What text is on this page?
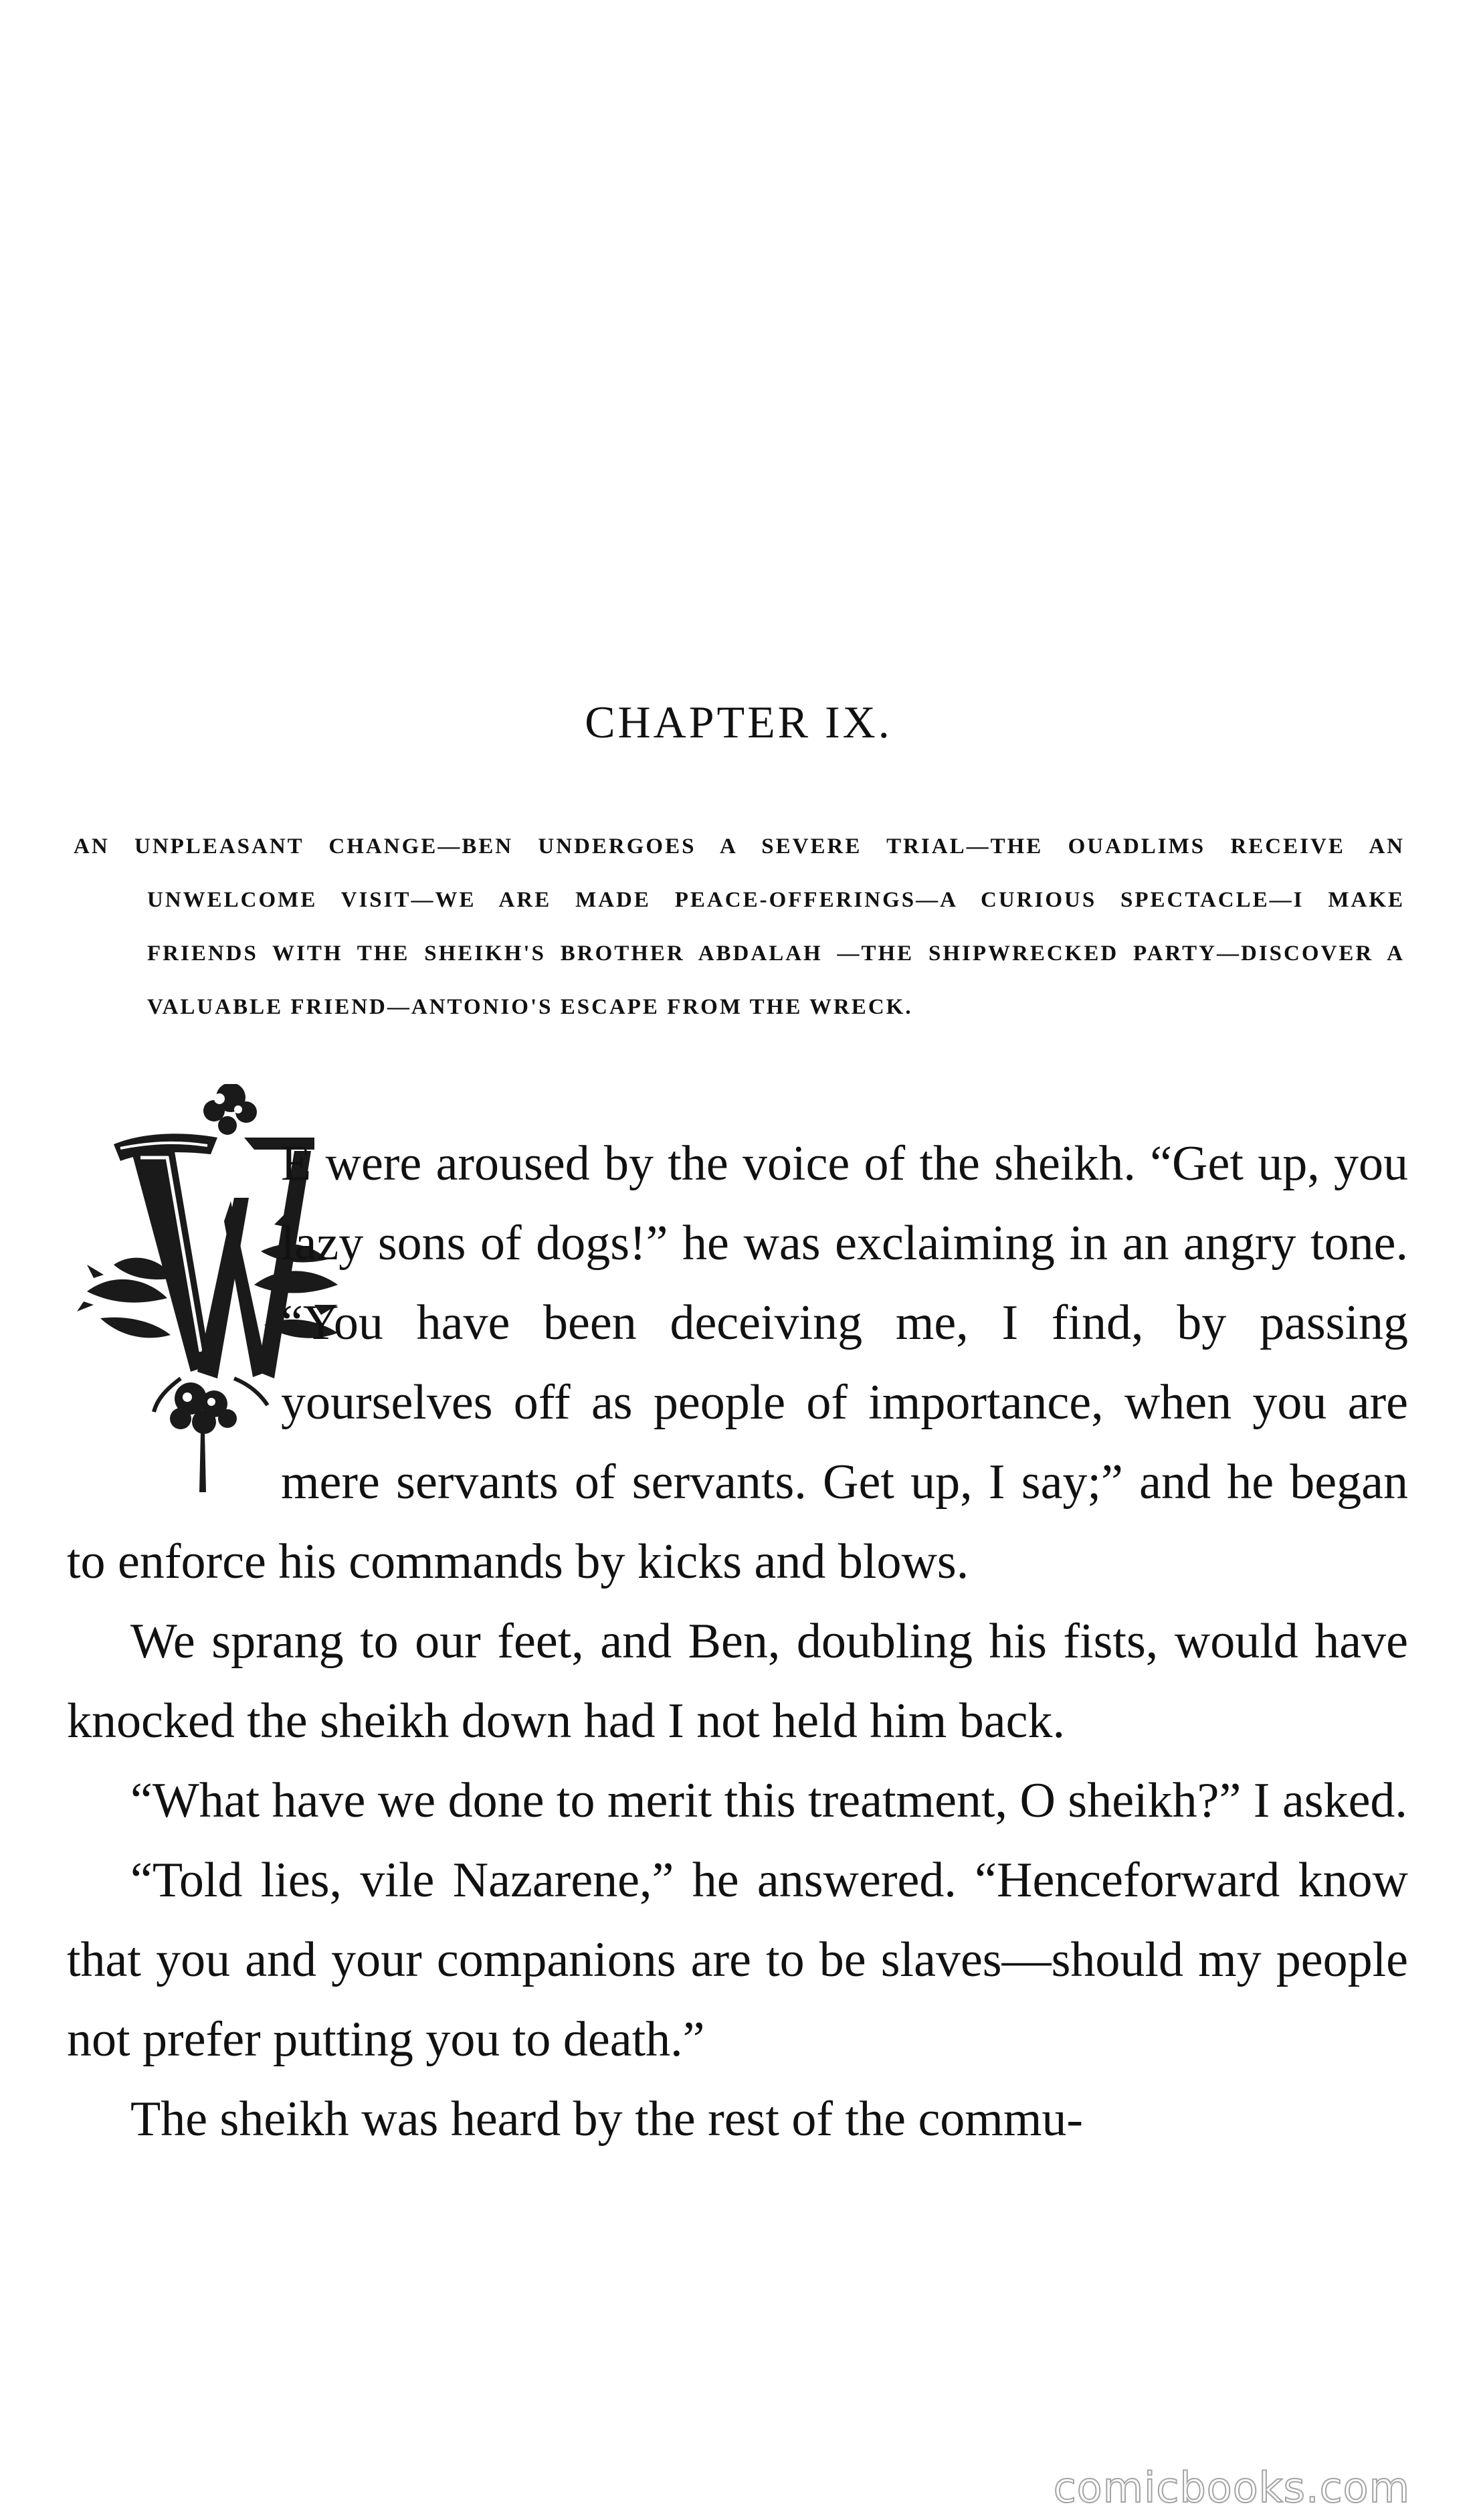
CHAPTER IX.

AN UNPLEASANT CHANGE—BEN UNDERGOES A SEVERE TRIAL—THE OUADLIMS RECEIVE AN UNWELCOME VISIT—WE ARE MADE PEACE-OFFERINGS—A CURIOUS SPECTACLE—I MAKE FRIENDS WITH THE SHEIKH'S BROTHER ABDALAH —THE SHIPWRECKED PARTY—DISCOVER A VALUABLE FRIEND—ANTONIO'S ESCAPE FROM THE WRECK.

E were aroused by the voice of the sheikh. “Get up, you lazy sons of dogs!” he was exclaiming in an angry tone. “You have been deceiving me, I find, by passing yourselves off as people of importance, when you are mere servants of servants. Get up, I say;” and he began to enforce his commands by kicks and blows.

We sprang to our feet, and Ben, doubling his fists, would have knocked the sheikh down had I not held him back.

“What have we done to merit this treatment, O sheikh?” I asked.

“Told lies, vile Nazarene,” he answered. “Henceforward know that you and your companions are to be slaves—should my people not prefer putting you to death.”

The sheikh was heard by the rest of the commu-

comicbooks.com
